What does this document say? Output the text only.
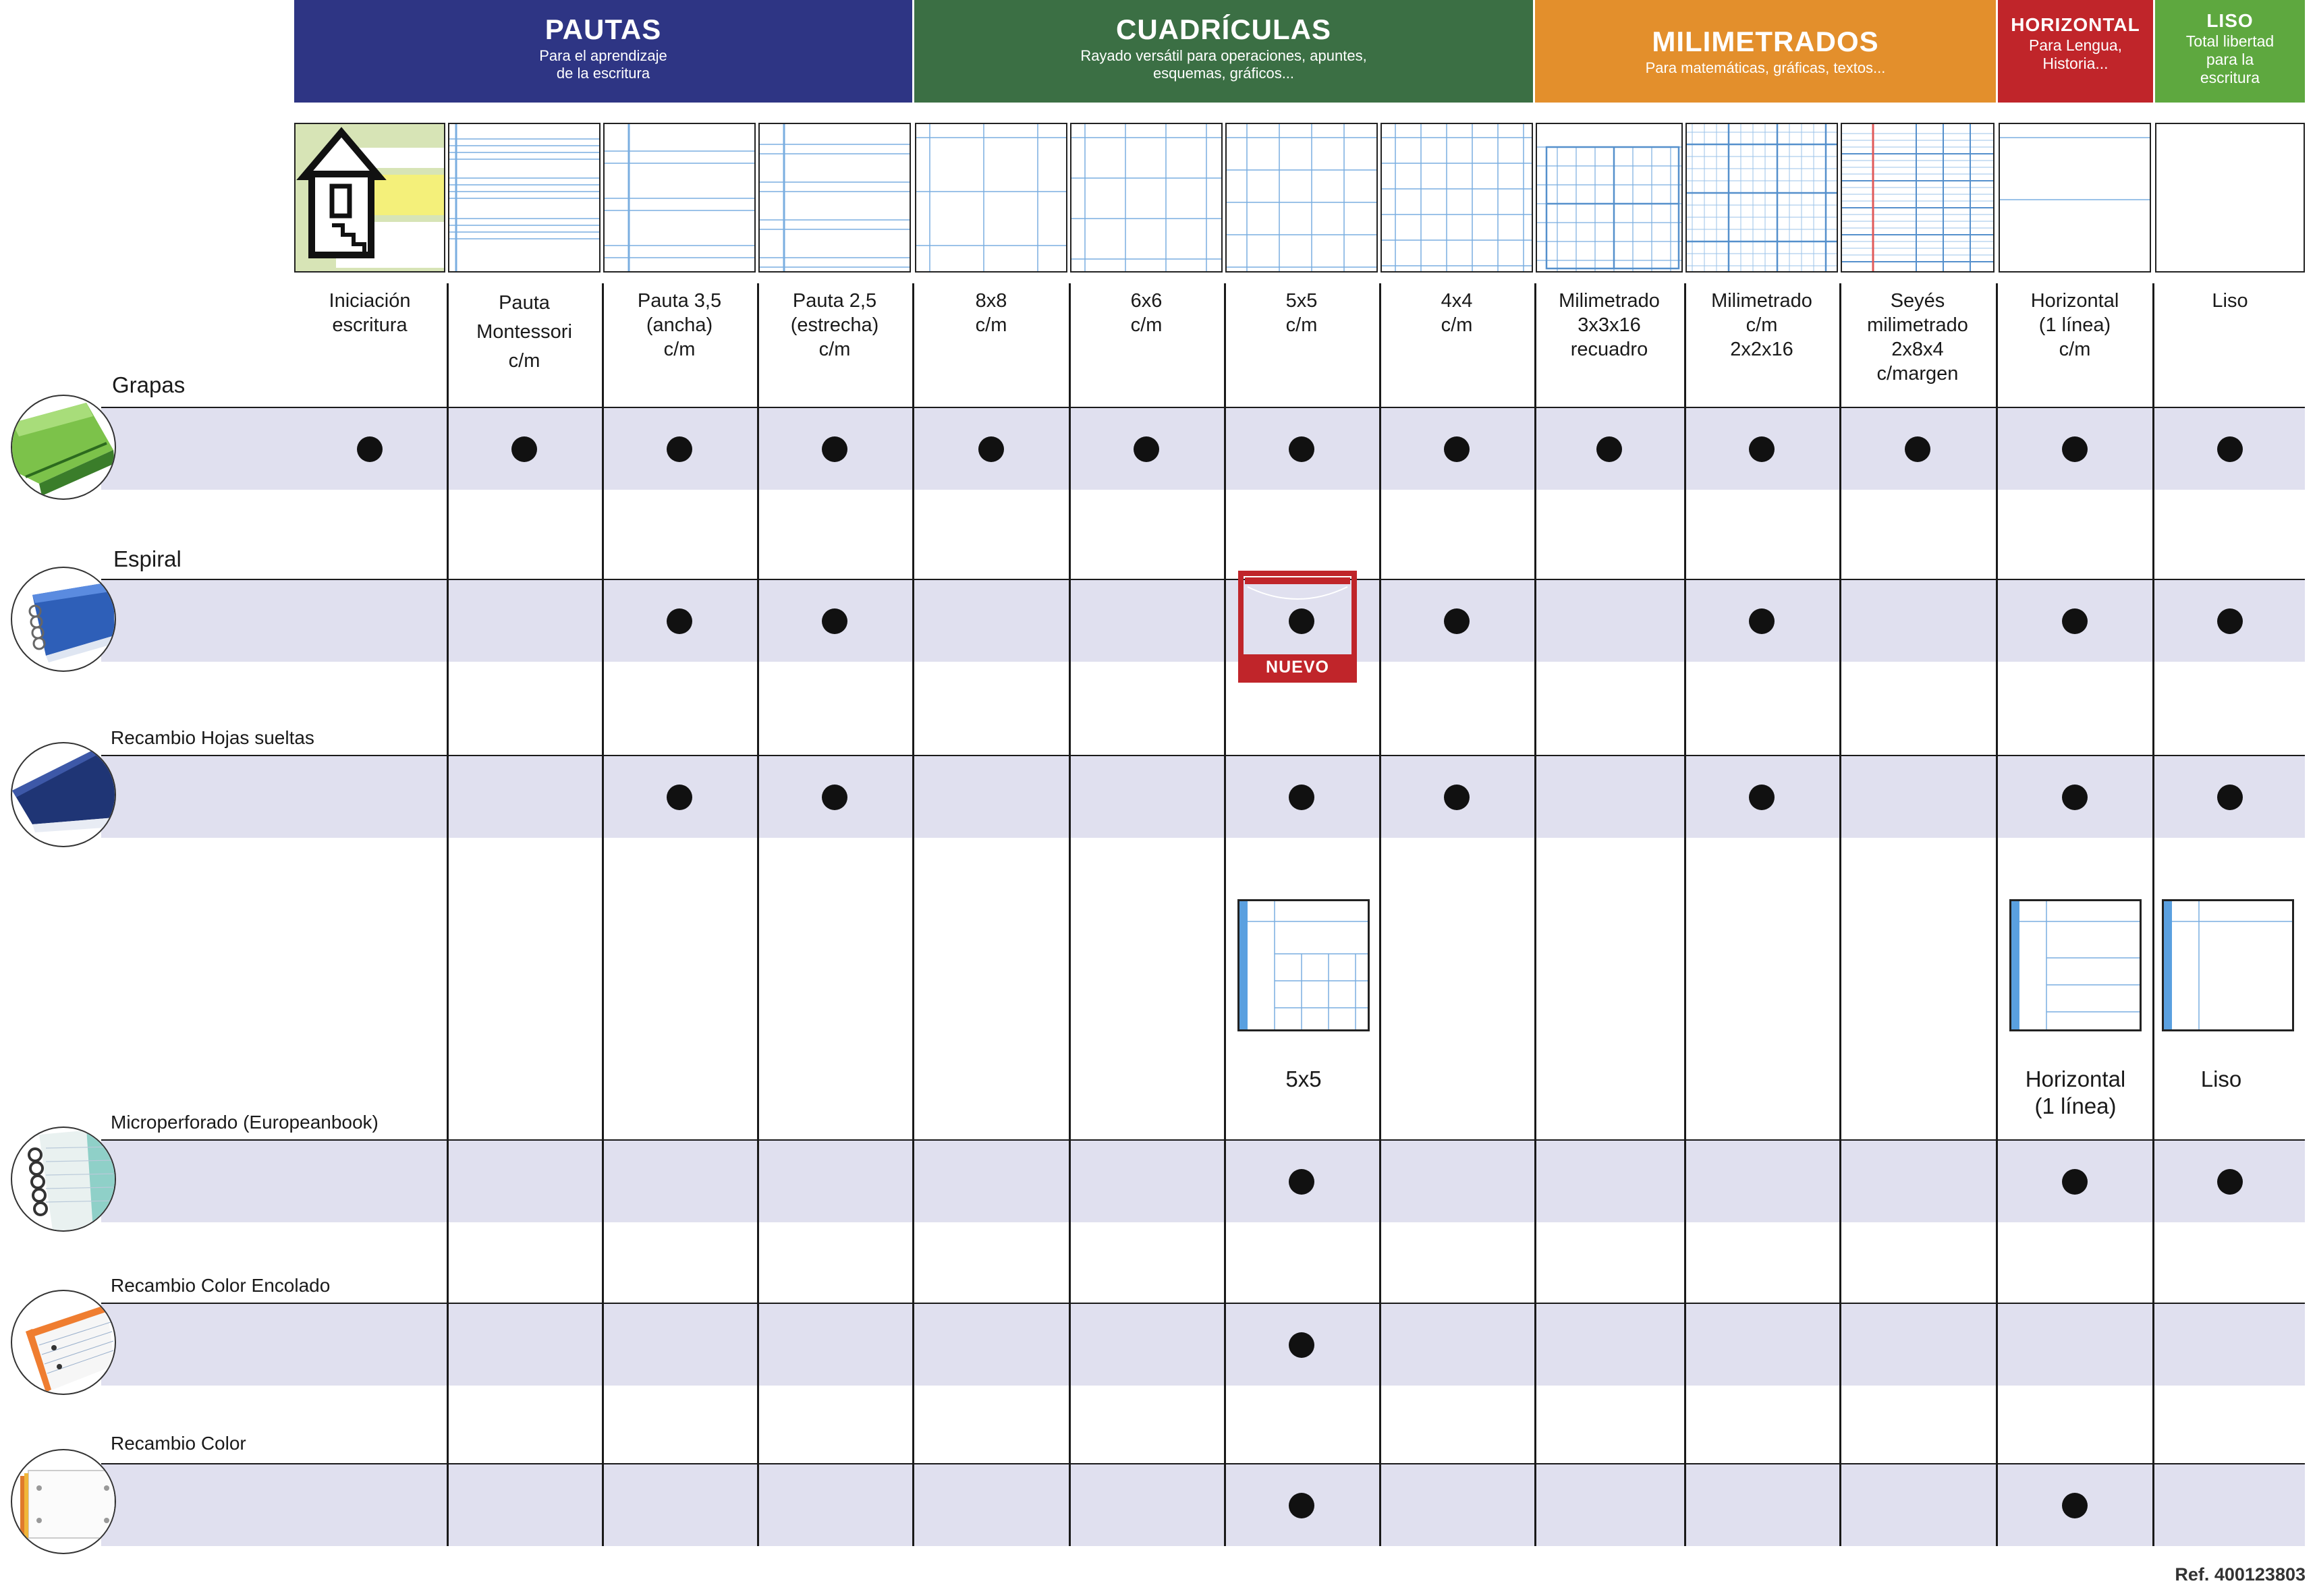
PAUTAS
Para el aprendizaje
de la escritura
CUADRÍCULAS
Rayado versátil para operaciones, apuntes,
esquemas, gráficos...
MILIMETRADOS
Para matemáticas, gráficas, textos...
HORIZONTAL
Para Lengua,
Historia...
LISO
Total libertad
para la
escritura
Iniciación
escritura
Pauta
Montessori
c/m
Pauta 3,5
(ancha)
c/m
Pauta 2,5
(estrecha)
c/m
8x8
c/m
6x6
c/m
5x5
c/m
4x4
c/m
Milimetrado
3x3x16
recuadro
Milimetrado
c/m
2x2x16
Seyés
milimetrado
2x8x4
c/margen
Horizontal
(1 línea)
c/m
Liso
Grapas
Espiral
Recambio Hojas sueltas
Microperforado (Europeanbook)
Recambio Color Encolado
Recambio Color
NUEVO
5x5	Horizontal
(1 línea)
Liso
Ref. 400123803
